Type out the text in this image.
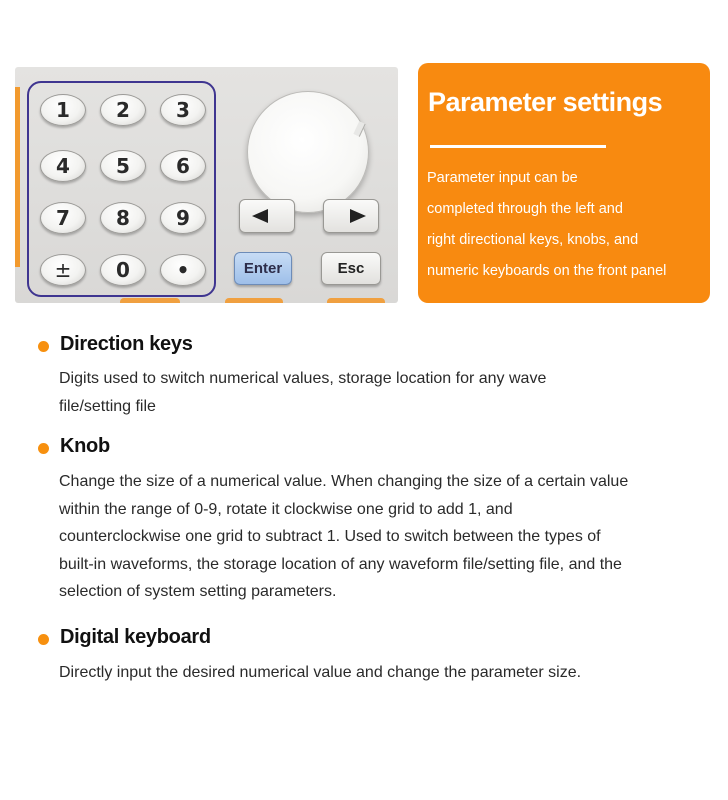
1	2	3
4	5	6
7	8	9
±	0	•	Enter	Esc
Parameter settings
Parameter input can be
completed through the left and
right directional keys, knobs, and
numeric keyboards on the front panel
Direction keys
Digits used to switch numerical values, storage location for any wave
file/setting file
Knob
Change the size of a numerical value. When changing the size of a certain value
within the range of 0-9, rotate it clockwise one grid to add 1, and
counterclockwise one grid to subtract 1. Used to switch between the types of
built-in waveforms, the storage location of any waveform file/setting file, and the
selection of system setting parameters.
Digital keyboard
Directly input the desired numerical value and change the parameter size.
